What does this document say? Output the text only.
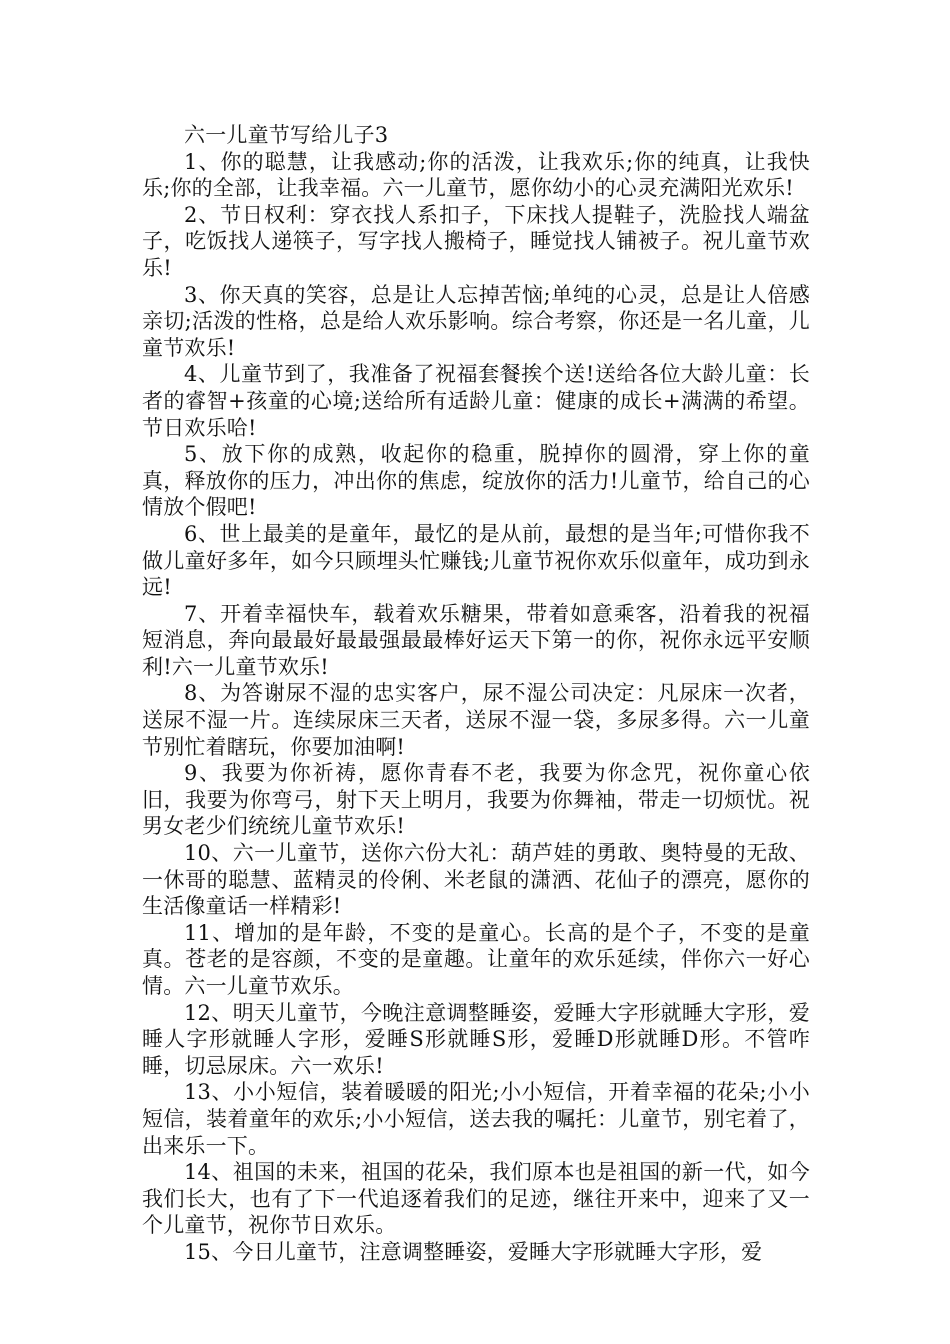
六一儿童节写给儿子3

1、你的聪慧，让我感动;你的活泼，让我欢乐;你的纯真，让我快乐;你的全部，让我幸福。六一儿童节，愿你幼小的心灵充满阳光欢乐!

2、节日权利：穿衣找人系扣子，下床找人提鞋子，洗脸找人端盆子，吃饭找人递筷子，写字找人搬椅子，睡觉找人铺被子。祝儿童节欢乐!

3、你天真的笑容，总是让人忘掉苦恼;单纯的心灵，总是让人倍感亲切;活泼的性格，总是给人欢乐影响。综合考察，你还是一名儿童，儿童节欢乐!

4、儿童节到了，我准备了祝福套餐挨个送!送给各位大龄儿童：长者的睿智+孩童的心境;送给所有适龄儿童：健康的成长+满满的希望。节日欢乐哈!

5、放下你的成熟，收起你的稳重，脱掉你的圆滑，穿上你的童真，释放你的压力，冲出你的焦虑，绽放你的活力!儿童节，给自己的心情放个假吧!

6、世上最美的是童年，最忆的是从前，最想的是当年;可惜你我不做儿童好多年，如今只顾埋头忙赚钱;儿童节祝你欢乐似童年，成功到永远!

7、开着幸福快车，载着欢乐糖果，带着如意乘客，沿着我的祝福短消息，奔向最最好最最强最最棒好运天下第一的你，祝你永远平安顺利!六一儿童节欢乐!

8、为答谢尿不湿的忠实客户，尿不湿公司决定：凡尿床一次者，送尿不湿一片。连续尿床三天者，送尿不湿一袋，多尿多得。六一儿童节别忙着瞎玩，你要加油啊!

9、我要为你祈祷，愿你青春不老，我要为你念咒，祝你童心依旧，我要为你弯弓，射下天上明月，我要为你舞袖，带走一切烦忧。祝男女老少们统统儿童节欢乐!

10、六一儿童节，送你六份大礼：葫芦娃的勇敢、奥特曼的无敌、一休哥的聪慧、蓝精灵的伶俐、米老鼠的潇洒、花仙子的漂亮，愿你的生活像童话一样精彩!

11、增加的是年龄，不变的是童心。长高的是个子，不变的是童真。苍老的是容颜，不变的是童趣。让童年的欢乐延续，伴你六一好心情。六一儿童节欢乐。

12、明天儿童节，今晚注意调整睡姿，爱睡大字形就睡大字形，爱睡人字形就睡人字形，爱睡S形就睡S形，爱睡D形就睡D形。不管咋睡，切忌尿床。六一欢乐!

13、小小短信，装着暖暖的阳光;小小短信，开着幸福的花朵;小小短信，装着童年的欢乐;小小短信，送去我的嘱托：儿童节，别宅着了，出来乐一下。

14、祖国的未来，祖国的花朵，我们原本也是祖国的新一代，如今我们长大，也有了下一代追逐着我们的足迹，继往开来中，迎来了又一个儿童节，祝你节日欢乐。

15、今日儿童节，注意调整睡姿，爱睡大字形就睡大字形，爱
